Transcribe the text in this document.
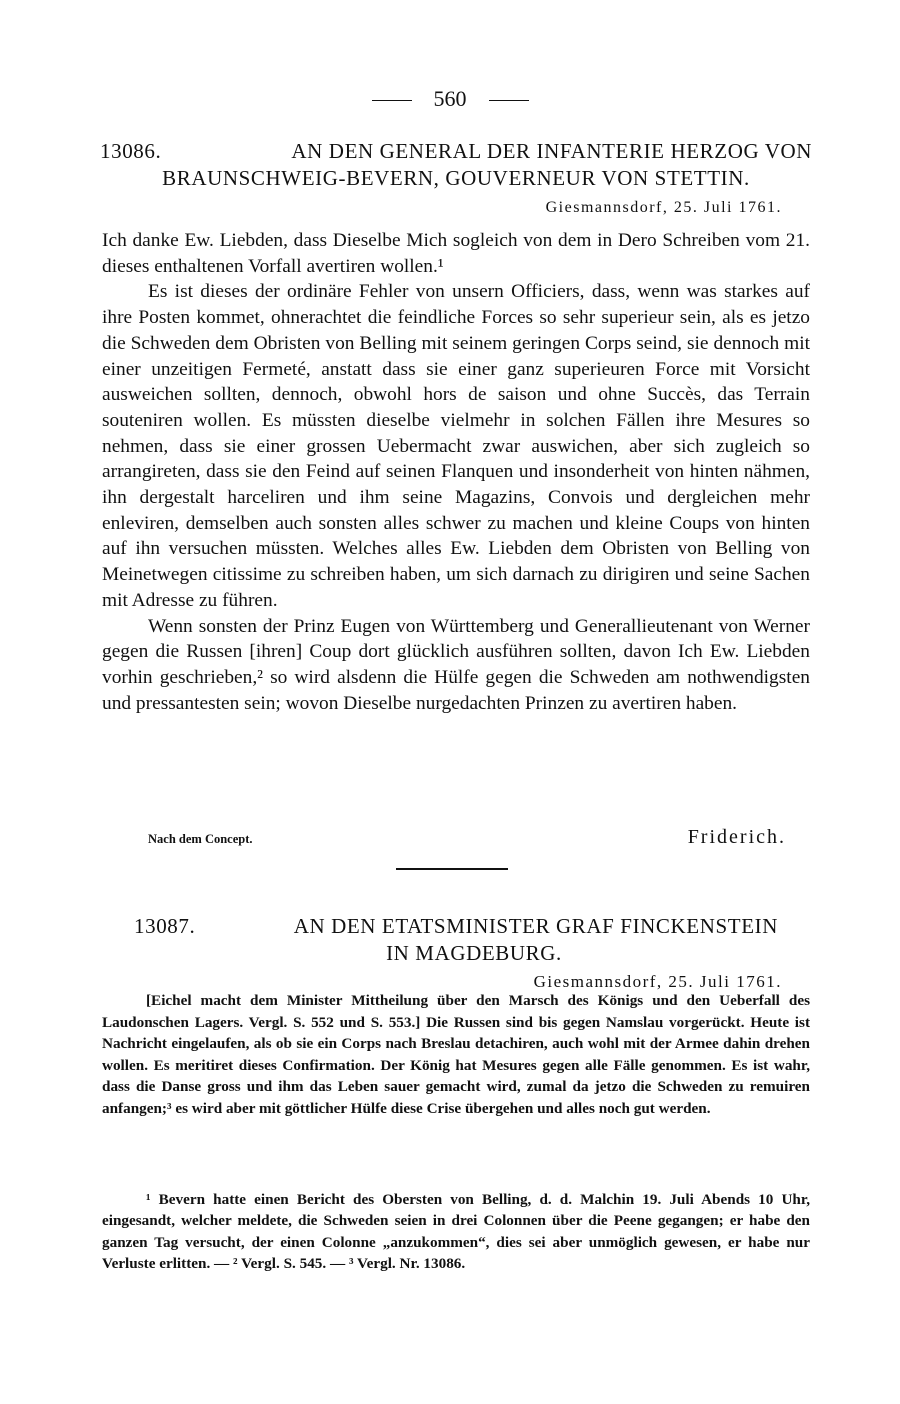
560
13086.	AN DEN GENERAL DER INFANTERIE HERZOG VON
BRAUNSCHWEIG-BEVERN, GOUVERNEUR VON STETTIN.
Giesmannsdorf, 25. Juli 1761.

Ich danke Ew. Liebden, dass Dieselbe Mich sogleich von dem in Dero Schreiben vom 21. dieses enthaltenen Vorfall avertiren wollen.¹

Es ist dieses der ordinäre Fehler von unsern Officiers, dass, wenn was starkes auf ihre Posten kommet, ohnerachtet die feindliche Forces so sehr superieur sein, als es jetzo die Schweden dem Obristen von Belling mit seinem geringen Corps seind, sie dennoch mit einer unzeitigen Fermeté, anstatt dass sie einer ganz superieuren Force mit Vorsicht ausweichen sollten, dennoch, obwohl hors de saison und ohne Succès, das Terrain souteniren wollen. Es müssten dieselbe vielmehr in solchen Fällen ihre Mesures so nehmen, dass sie einer grossen Uebermacht zwar auswichen, aber sich zugleich so arrangireten, dass sie den Feind auf seinen Flanquen und insonderheit von hinten nähmen, ihn dergestalt harceliren und ihm seine Magazins, Convois und dergleichen mehr enleviren, demselben auch sonsten alles schwer zu machen und kleine Coups von hinten auf ihn versuchen müssten. Welches alles Ew. Liebden dem Obristen von Belling von Meinetwegen citissime zu schreiben haben, um sich darnach zu dirigiren und seine Sachen mit Adresse zu führen.

Wenn sonsten der Prinz Eugen von Württemberg und Generallieutenant von Werner gegen die Russen [ihren] Coup dort glücklich ausführen sollten, davon Ich Ew. Liebden vorhin geschrieben,² so wird alsdenn die Hülfe gegen die Schweden am nothwendigsten und pressantesten sein; wovon Dieselbe nurgedachten Prinzen zu avertiren haben.

Nach dem Concept.	Friderich.
13087.	AN DEN ETATSMINISTER GRAF FINCKENSTEIN
IN MAGDEBURG.
Giesmannsdorf, 25. Juli 1761.

[Eichel macht dem Minister Mittheilung über den Marsch des Königs und den Ueberfall des Laudonschen Lagers. Vergl. S. 552 und S. 553.] Die Russen sind bis gegen Namslau vorgerückt. Heute ist Nachricht eingelaufen, als ob sie ein Corps nach Breslau detachiren, auch wohl mit der Armee dahin drehen wollen. Es meritiret dieses Confirmation. Der König hat Mesures gegen alle Fälle genommen. Es ist wahr, dass die Danse gross und ihm das Leben sauer gemacht wird, zumal da jetzo die Schweden zu remuiren anfangen;³ es wird aber mit göttlicher Hülfe diese Crise übergehen und alles noch gut werden.

¹ Bevern hatte einen Bericht des Obersten von Belling, d. d. Malchin 19. Juli Abends 10 Uhr, eingesandt, welcher meldete, die Schweden seien in drei Colonnen über die Peene gegangen; er habe den ganzen Tag versucht, der einen Colonne „anzukommen“, dies sei aber unmöglich gewesen, er habe nur Verluste erlitten. — ² Vergl. S. 545. — ³ Vergl. Nr. 13086.
